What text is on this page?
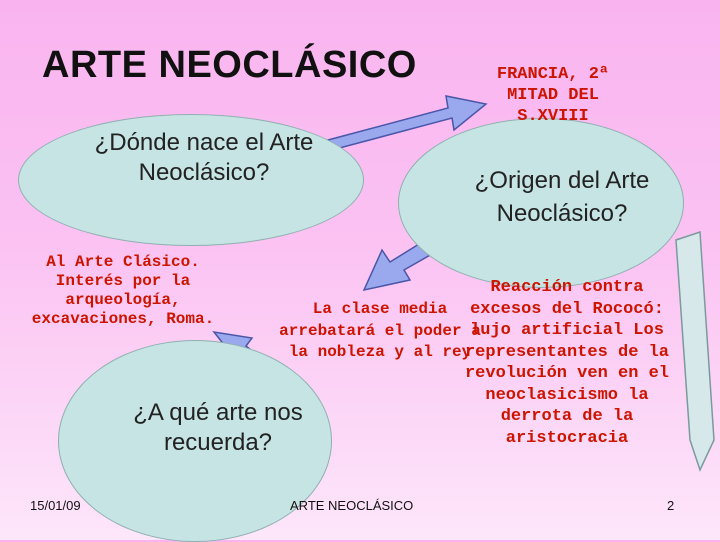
ARTE NEOCLÁSICO
¿Dónde nace el Arte Neoclásico?	¿Origen del Arte Neoclásico?
¿A qué arte nos recuerda?
FRANCIA, 2ª MITAD DEL S.XVIII
Al Arte Clásico. Interés por la arqueología, excavaciones, Roma.
Reacción contra excesos del Rococó: lujo artificial Los representantes de la revolución ven en el neoclasicismo la derrota de la aristocracia
La clase media arrebatará el poder a la nobleza y al rey
15/01/09	ARTE NEOCLÁSICO	2
